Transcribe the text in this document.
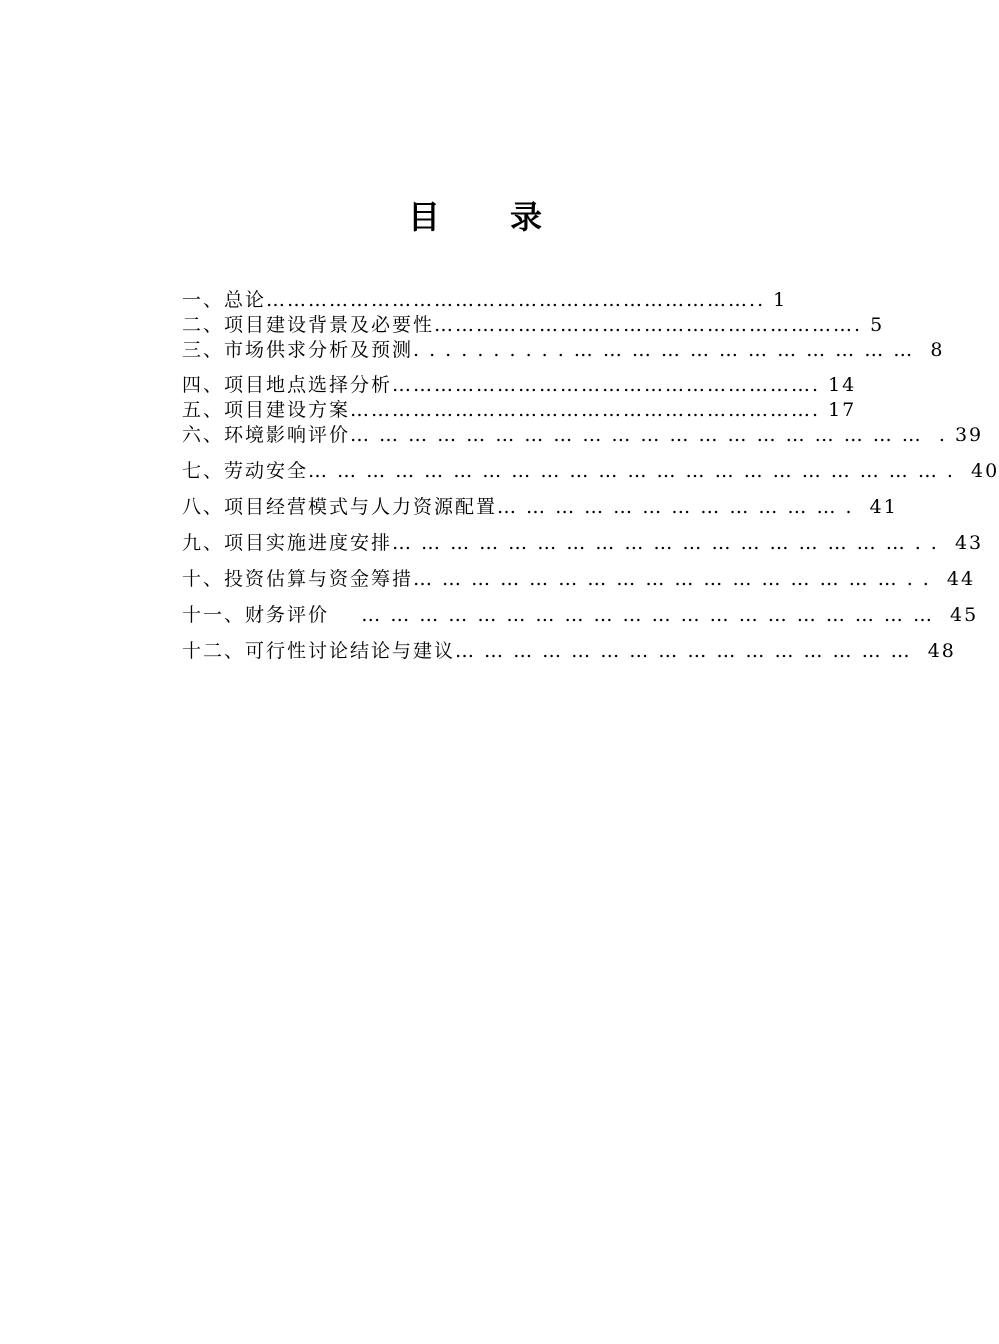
目 录
一、总论…………………………………………………………….. 1
二、项目建设背景及必要性……………………………………………………. 5
三、市场供求分析及预测. . . . . . . . . . … … … … … … … … … … … … 8
四、项目地点选择分析……………………………………………………. 14
五、项目建设方案…………………………………………………………. 17
六、环境影响评价… … … … … … … … … … … … … … … … … … … … . 39
七、劳动安全… … … … … … … … … … … … … … … … … … … … … … . 40
八、项目经营模式与人力资源配置… … … … … … … … … … … … . 41
九、项目实施进度安排… … … … … … … … … … … … … … … … … … . . 43
十、投资估算与资金筹措… … … … … … … … … … … … … … … … … . . 44
十一、财务评价 … … … … … … … … … … … … … … … … … … … … 45
十二、可行性讨论结论与建议… … … … … … … … … … … … … … … … 48
